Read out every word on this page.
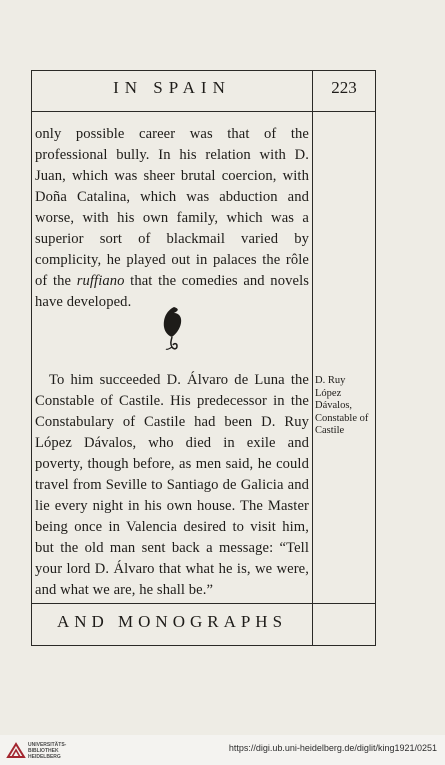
IN SPAIN	223

only possible career was that of the professional bully. In his relation with D. Juan, which was sheer brutal coercion, with Doña Catalina, which was abduction and worse, with his own family, which was a superior sort of blackmail varied by complicity, he played out in palaces the rôle of the ruffiano that the comedies and novels have developed.

To him succeeded D. Álvaro de Luna the Constable of Castile. His predecessor in the Constabulary of Castile had been D. Ruy López Dávalos, who died in exile and poverty, though before, as men said, he could travel from Seville to Santiago de Galicia and lie every night in his own house. The Master being once in Valencia desired to visit him, but the old man sent back a message: “Tell your lord D. Álvaro that what he is, we were, and what we are, he shall be.”

D. Ruy López Dávalos, Constable of Castile

AND MONOGRAPHS
UNIVERSITÄTS-
BIBLIOTHEK
HEIDELBERG
https://digi.ub.uni-heidelberg.de/diglit/king1921/0251
